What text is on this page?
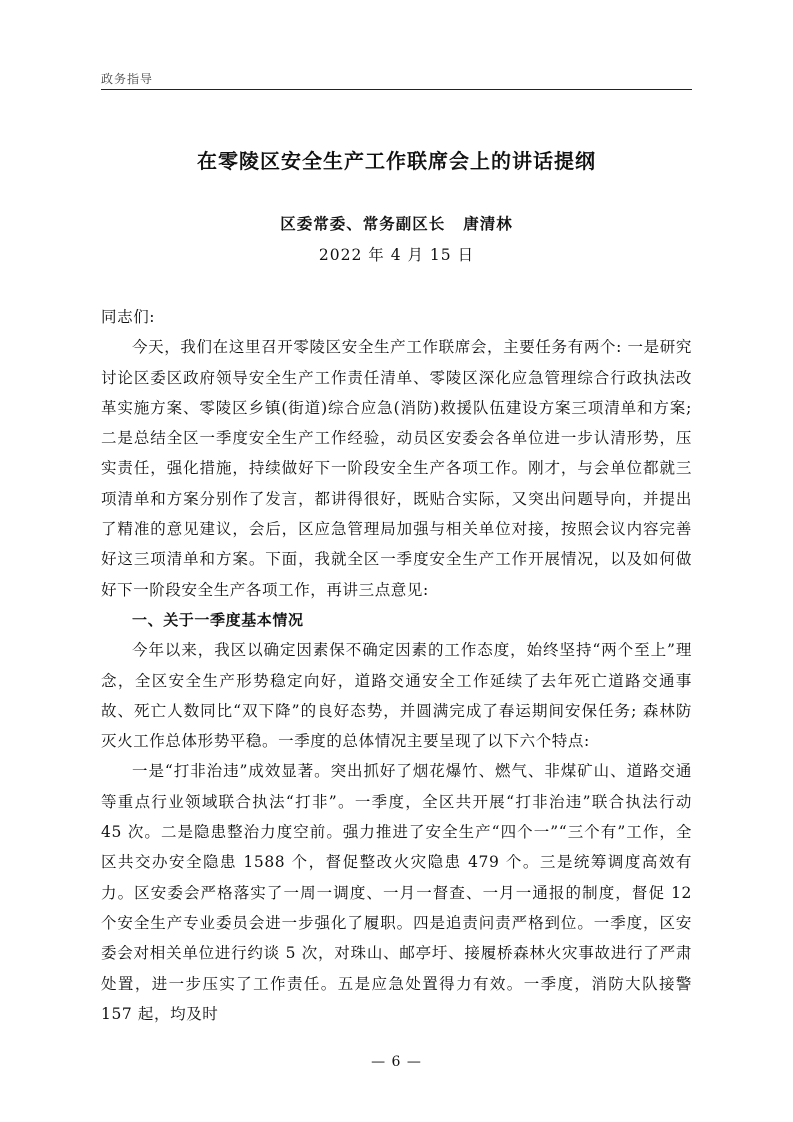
政务指导
在零陵区安全生产工作联席会上的讲话提纲
区委常委、常务副区长 唐清林
2022 年 4 月 15 日

同志们:

今天，我们在这里召开零陵区安全生产工作联席会，主要任务有两个: 一是研究讨论区委区政府领导安全生产工作责任清单、零陵区深化应急管理综合行政执法改革实施方案、零陵区乡镇(街道)综合应急(消防)救援队伍建设方案三项清单和方案; 二是总结全区一季度安全生产工作经验，动员区安委会各单位进一步认清形势，压实责任，强化措施，持续做好下一阶段安全生产各项工作。刚才，与会单位都就三项清单和方案分别作了发言，都讲得很好，既贴合实际，又突出问题导向，并提出了精准的意见建议，会后，区应急管理局加强与相关单位对接，按照会议内容完善好这三项清单和方案。下面，我就全区一季度安全生产工作开展情况，以及如何做好下一阶段安全生产各项工作，再讲三点意见:

一、关于一季度基本情况

今年以来，我区以确定因素保不确定因素的工作态度，始终坚持“两个至上”理念，全区安全生产形势稳定向好，道路交通安全工作延续了去年死亡道路交通事故、死亡人数同比“双下降”的良好态势，并圆满完成了春运期间安保任务; 森林防灭火工作总体形势平稳。一季度的总体情况主要呈现了以下六个特点:

一是“打非治违”成效显著。突出抓好了烟花爆竹、燃气、非煤矿山、道路交通等重点行业领域联合执法“打非”。一季度，全区共开展“打非治违”联合执法行动 45 次。二是隐患整治力度空前。强力推进了安全生产“四个一”“三个有”工作，全区共交办安全隐患 1588 个，督促整改火灾隐患 479 个。三是统筹调度高效有力。区安委会严格落实了一周一调度、一月一督查、一月一通报的制度，督促 12 个安全生产专业委员会进一步强化了履职。四是追责问责严格到位。一季度，区安委会对相关单位进行约谈 5 次，对珠山、邮亭圩、接履桥森林火灾事故进行了严肃处置，进一步压实了工作责任。五是应急处置得力有效。一季度，消防大队接警 157 起，均及时

— 6 —
